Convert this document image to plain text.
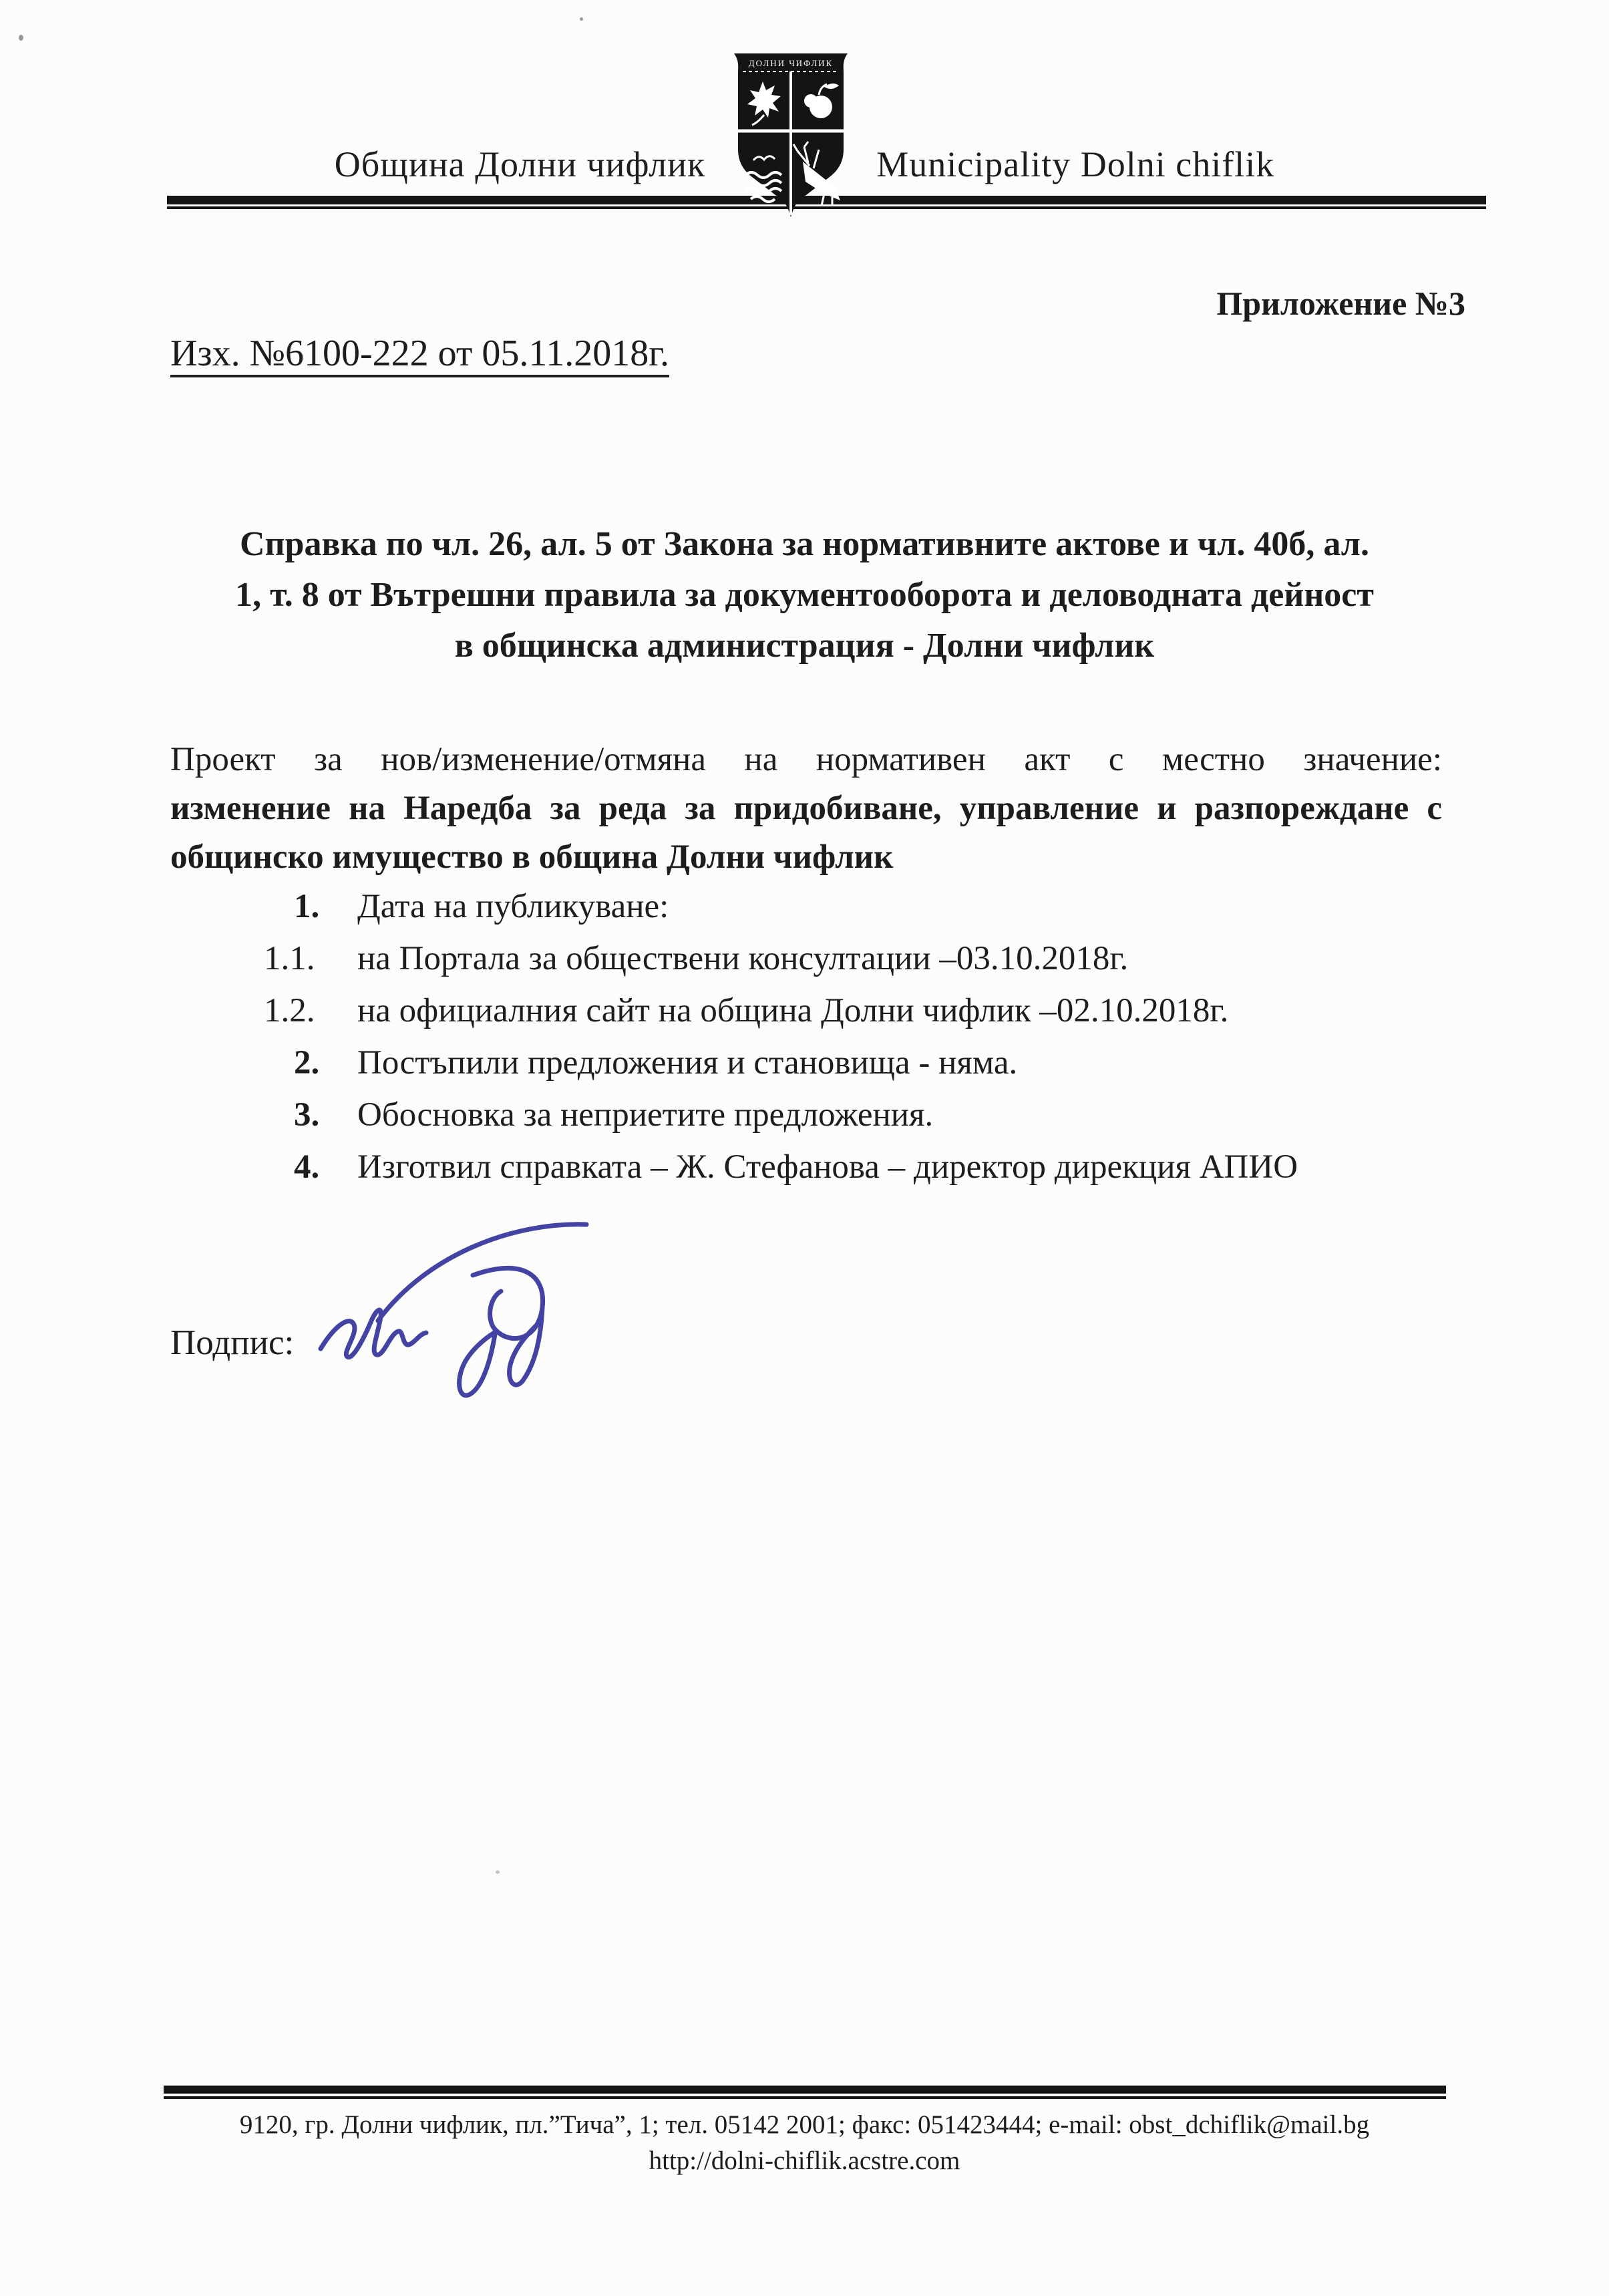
Община Долни чифлик
ДОЛНИ ЧИФЛИК
Municipality Dolni chiflik
Приложение №3
Изх. №6100-222 от 05.11.2018г.
Справка по чл. 26, ал. 5 от Закона за нормативните актове и чл. 40б, ал.
1, т. 8 от Вътрешни правила за документооборота и деловодната дейност
в общинска администрация - Долни чифлик
Проект за нов/изменение/отмяна на нормативен акт с местно значение:
изменение на Наредба за реда за придобиване, управление и разпореждане с общинско имущество в община Долни чифлик
1.	Дата на публикуване:
1.1.	на Портала за обществени консултации –03.10.2018г.
1.2.	на официалния сайт на община Долни чифлик –02.10.2018г.
2.	Постъпили предложения и становища - няма.
3.	Обосновка за неприетите предложения.
4.	Изготвил справката – Ж. Стефанова – директор дирекция АПИО
Подпис:
9120, гр. Долни чифлик, пл.”Тича”, 1; тел. 05142 2001; факс: 051423444; e-mail: obst_dchiflik@mail.bg
http://dolni-chiflik.acstre.com
